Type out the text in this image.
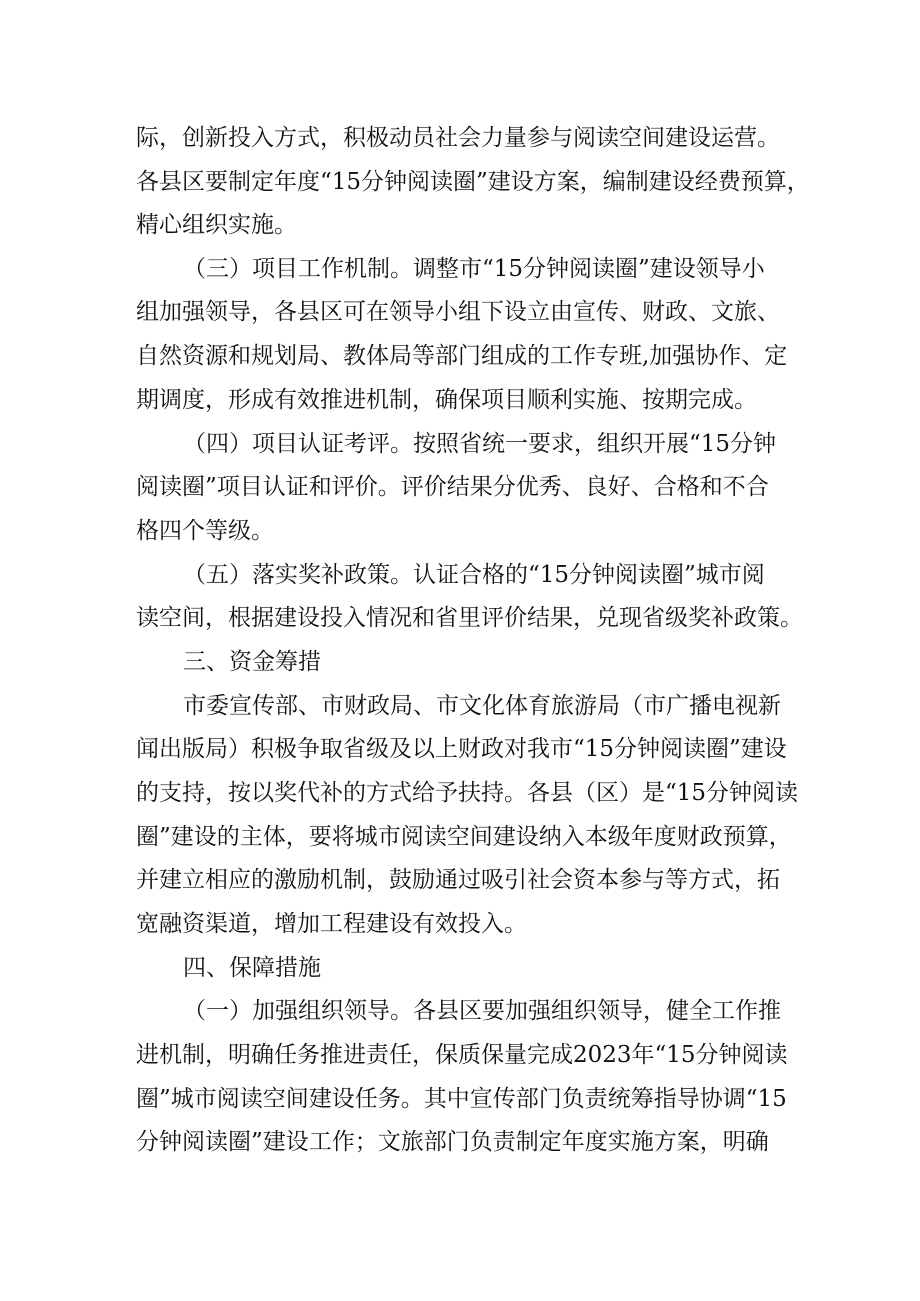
际，创新投入方式，积极动员社会力量参与阅读空间建设运营。

各县区要制定年度“15分钟阅读圈”建设方案，编制建设经费预算，

精心组织实施。

（三）项目工作机制。调整市“15分钟阅读圈”建设领导小

组加强领导，各县区可在领导小组下设立由宣传、财政、文旅、

自然资源和规划局、教体局等部门组成的工作专班,加强协作、定

期调度，形成有效推进机制，确保项目顺利实施、按期完成。

（四）项目认证考评。按照省统一要求，组织开展“15分钟

阅读圈”项目认证和评价。评价结果分优秀、良好、合格和不合

格四个等级。

（五）落实奖补政策。认证合格的“15分钟阅读圈”城市阅

读空间，根据建设投入情况和省里评价结果，兑现省级奖补政策。

三、资金筹措

市委宣传部、市财政局、市文化体育旅游局（市广播电视新

闻出版局）积极争取省级及以上财政对我市“15分钟阅读圈”建设

的支持，按以奖代补的方式给予扶持。各县（区）是“15分钟阅读

圈”建设的主体，要将城市阅读空间建设纳入本级年度财政预算，

并建立相应的激励机制，鼓励通过吸引社会资本参与等方式，拓

宽融资渠道，增加工程建设有效投入。

四、保障措施

（一）加强组织领导。各县区要加强组织领导，健全工作推

进机制，明确任务推进责任，保质保量完成2023年“15分钟阅读

圈”城市阅读空间建设任务。其中宣传部门负责统筹指导协调“15

分钟阅读圈”建设工作；文旅部门负责制定年度实施方案，明确
